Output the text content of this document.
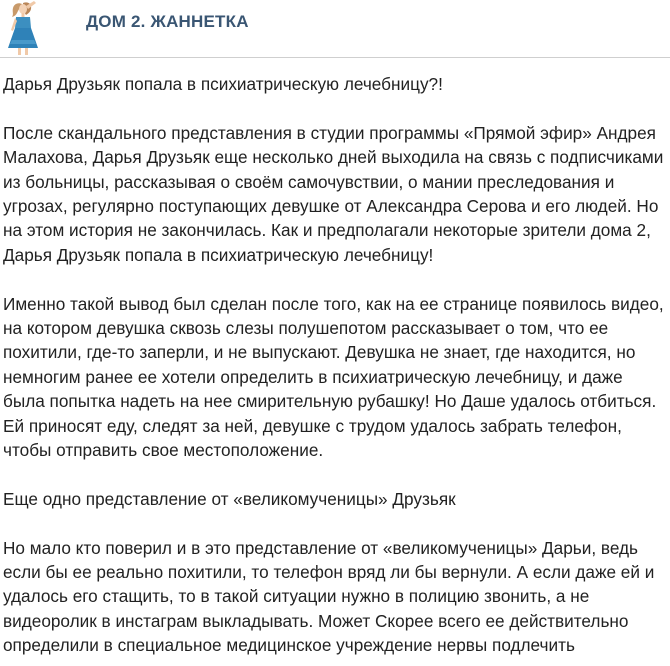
ДОМ 2. ЖАННЕТКА

Дарья Друзьяк попала в психиатрическую лечебницу?!

После скандального представления в студии программы «Прямой эфир» Андрея Малахова, Дарья Друзьяк еще несколько дней выходила на связь с подписчиками из больницы, рассказывая о своём самочувствии, о мании преследования и угрозах, регулярно поступающих девушке от Александра Серова и его людей. Но на этом история не закончилась. Как и предполагали некоторые зрители дома 2, Дарья Друзьяк попала в психиатрическую лечебницу!

Именно такой вывод был сделан после того, как на ее странице появилось видео, на котором девушка сквозь слезы полушепотом рассказывает о том, что ее похитили, где-то заперли, и не выпускают. Девушка не знает, где находится, но немногим ранее ее хотели определить в психиатрическую лечебницу, и даже была попытка надеть на нее смирительную рубашку! Но Даше удалось отбиться. Ей приносят еду, следят за ней, девушке с трудом удалось забрать телефон, чтобы отправить свое местоположение.

Еще одно представление от «великомученицы» Друзьяк

Но мало кто поверил и в это представление от «великомученицы» Дарьи, ведь если бы ее реально похитили, то телефон вряд ли бы вернули. А если даже ей и удалось его стащить, то в такой ситуации нужно в полицию звонить, а не видеоролик в инстаграм выкладывать. Может Скорее всего ее действительно определили в специальное медицинское учреждение нервы подлечить
